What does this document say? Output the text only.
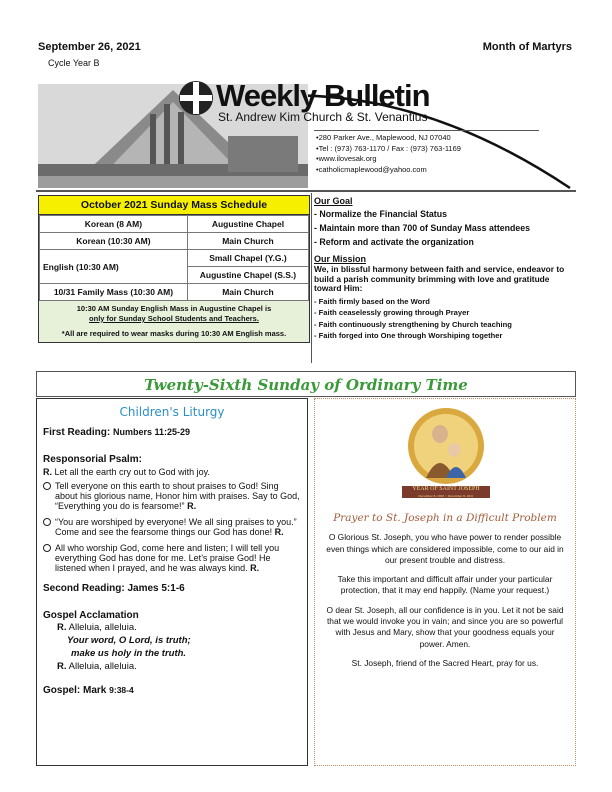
September 26, 2021	Month of Martyrs
Cycle Year B
Weekly Bulletin
St. Andrew Kim Church & St. Venantius
•280 Parker Ave., Maplewood, NJ 07040
•Tel : (973) 763-1170 / Fax : (973) 763-1169
•www.ilovesak.org
•catholicmaplewood@yahoo.com
October 2021 Sunday Mass Schedule
Korean (8 AM)	Augustine Chapel
Korean (10:30 AM)	Main Church
English (10:30 AM)	Small Chapel (Y.G.)
	Augustine Chapel (S.S.)
10/31 Family Mass (10:30 AM)	Main Church
10:30 AM Sunday English Mass in Augustine Chapel is
only for Sunday School Students and Teachers.
*All are required to wear masks during 10:30 AM English mass.
Our Goal
- Normalize the Financial Status
- Maintain more than 700 of Sunday Mass attendees
- Reform and activate the organization
Our Mission
We, in blissful harmony between faith and service, endeavor to build a parish community brimming with love and gratitude toward Him:
- Faith firmly based on the Word
- Faith ceaselessly growing through Prayer
- Faith continuously strengthening by Church teaching
- Faith forged into One through Worshiping together
Twenty-Sixth Sunday of Ordinary Time
Children's Liturgy
First Reading: Numbers 11:25-29
Responsorial Psalm:
R. Let all the earth cry out to God with joy.
Tell everyone on this earth to shout praises to God! Sing about his glorious name, Honor him with praises. Say to God, “Everything you do is fearsome!” R.
“You are worshiped by everyone! We all sing praises to you.” Come and see the fearsome things our God has done! R.
All who worship God, come here and listen; I will tell you everything God has done for me. Let’s praise God! He listened when I prayed, and he was always kind. R.
Second Reading: James 5:1-6
Gospel Acclamation
R. Alleluia, alleluia.
Your word, O Lord, is truth;
make us holy in the truth.
R. Alleluia, alleluia.
Gospel: Mark 9:38-4
Prayer to St. Joseph in a Difficult Problem

O Glorious St. Joseph, you who have power to render possible even things which are considered impossible, come to our aid in our present trouble and distress.

Take this important and difficult affair under your particular protection, that it may end happily. (Name your request.)

O dear St. Joseph, all our confidence is in you. Let it not be said that we would invoke you in vain; and since you are so powerful with Jesus and Mary, show that your goodness equals your power. Amen.

St. Joseph, friend of the Sacred Heart, pray for us.

YEAR OF SAINT JOSEPH
December 8, 2020 ~ December 8, 2021
